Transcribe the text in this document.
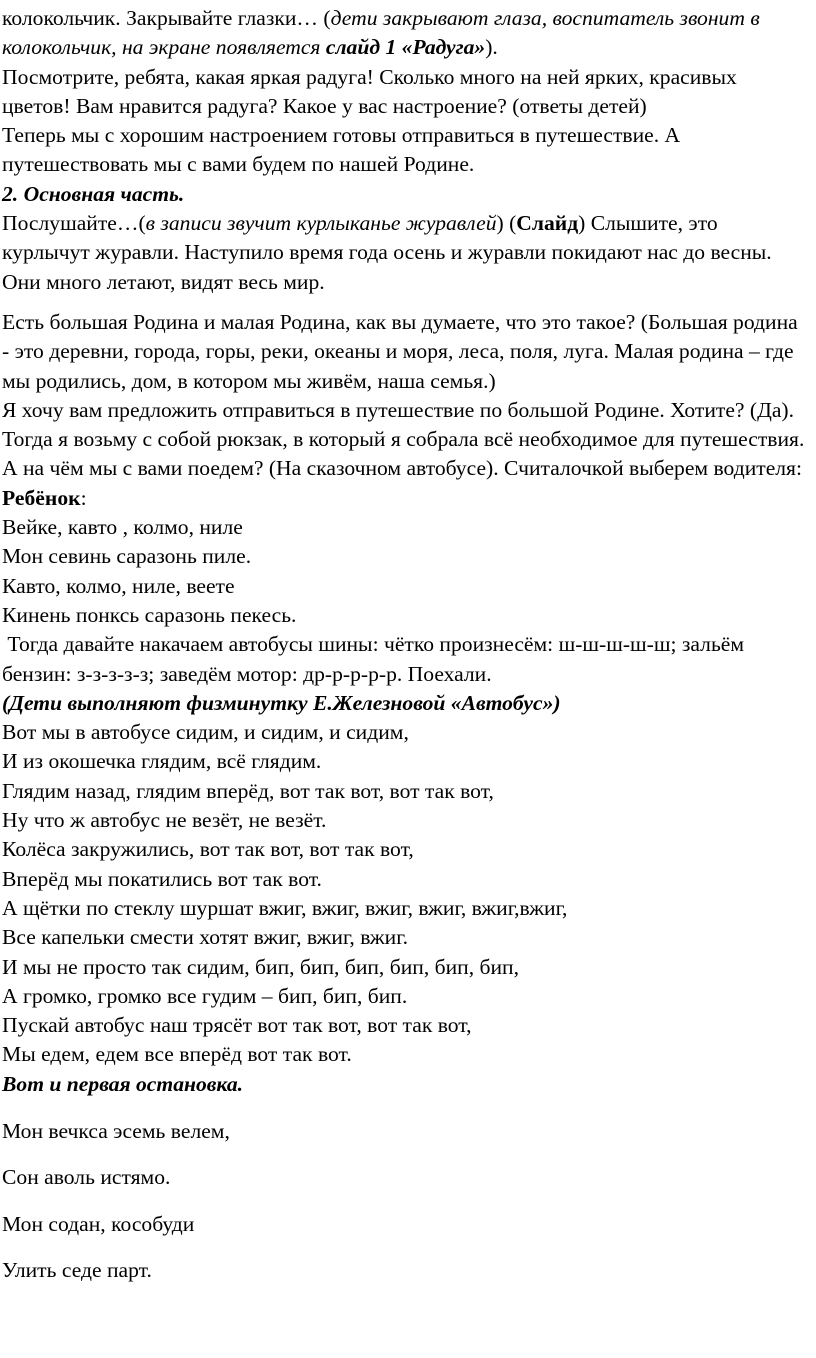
колокольчик. Закрывайте глазки… (дети закрывают глаза, воспитатель звонит в колокольчик, на экране появляется слайд 1 «Радуга»).

Посмотрите, ребята, какая яркая радуга! Сколько много на ней ярких, красивых цветов! Вам нравится радуга? Какое у вас настроение? (ответы детей)

Теперь мы с хорошим настроением готовы отправиться в путешествие. А путешествовать мы с вами будем по нашей Родине.

2. Основная часть.

Послушайте…(в записи звучит курлыканье журавлей) (Слайд) Слышите, это курлычут журавли. Наступило время года осень и журавли покидают нас до весны. Они много летают, видят весь мир.

Есть большая Родина и малая Родина, как вы думаете, что это такое? (Большая родина - это деревни, города, горы, реки, океаны и моря, леса, поля, луга. Малая родина – где мы родились, дом, в котором мы живём, наша семья.)

Я хочу вам предложить отправиться в путешествие по большой Родине. Хотите? (Да). Тогда я возьму с собой рюкзак, в который я собрала всё необходимое для путешествия. А на чём мы с вами поедем? (На сказочном автобусе). Считалочкой выберем водителя:

Ребёнок:

Вейке, кавто , колмо, ниле
Мон севинь саразонь пиле.
Кавто, колмо, ниле, веете
Кинень понксь саразонь пекесь.

Тогда давайте накачаем автобусы шины: чётко произнесём: ш-ш-ш-ш-ш; зальём бензин: з-з-з-з-з; заведём мотор: др-р-р-р-р. Поехали.

(Дети выполняют физминутку Е.Железновой «Автобус»)

Вот мы в автобусе сидим, и сидим, и сидим,
И из окошечка глядим, всё глядим.
Глядим назад, глядим вперёд, вот так вот, вот так вот,
Ну что ж автобус не везёт, не везёт.
Колёса закружились, вот так вот, вот так вот,
Вперёд мы покатились вот так вот.
А щётки по стеклу шуршат вжиг, вжиг, вжиг, вжиг, вжиг,вжиг,
Все капельки смести хотят вжиг, вжиг, вжиг.
И мы не просто так сидим, бип, бип, бип, бип, бип, бип,
А громко, громко все гудим – бип, бип, бип.
Пускай автобус наш трясёт вот так вот, вот так вот,
Мы едем, едем все вперёд вот так вот.

Вот и первая остановка.

Мон вечкса эсемь велем,

Сон аволь истямо.

Мон содан, кособуди

Улить седе парт.
